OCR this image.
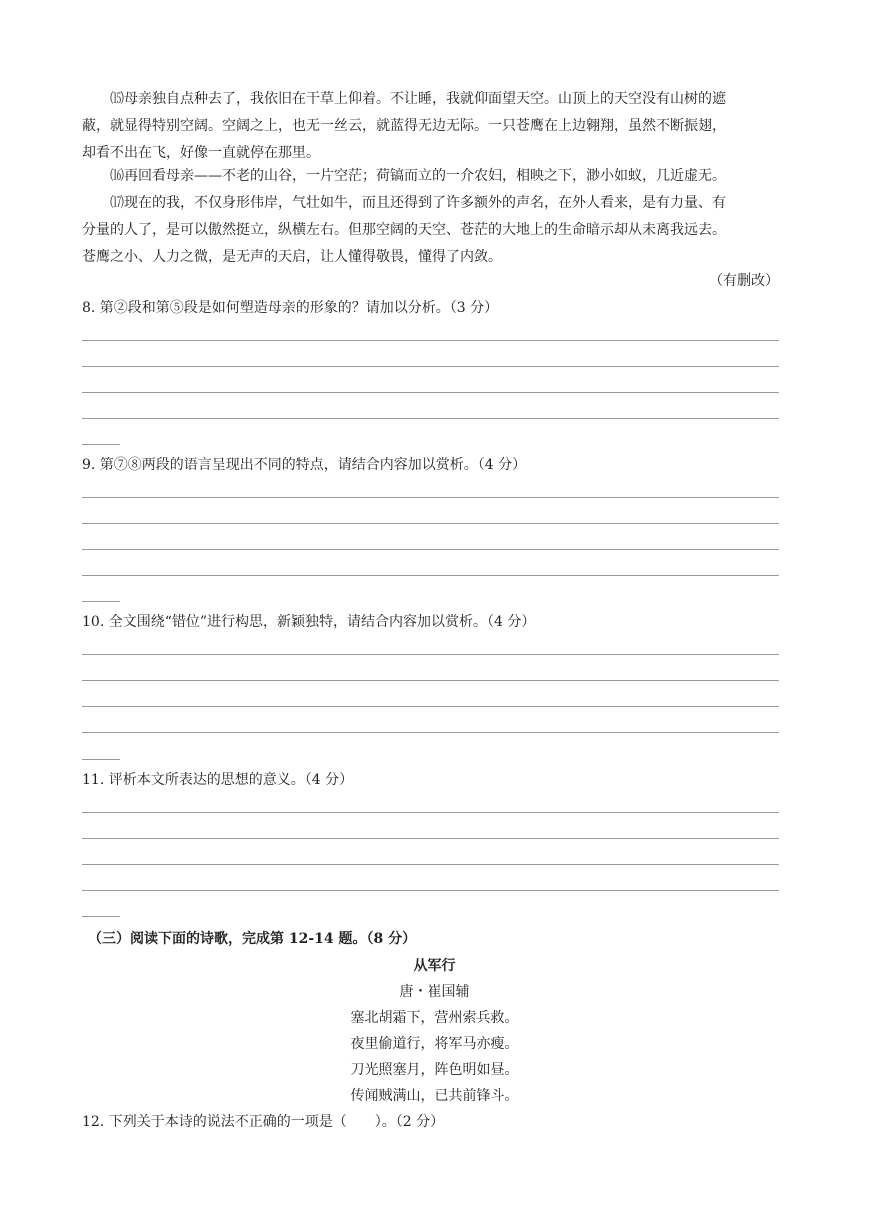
⒂母亲独自点种去了，我依旧在干草上仰着。不让睡，我就仰面望天空。山顶上的天空没有山树的遮
蔽，就显得特别空阔。空阔之上，也无一丝云，就蓝得无边无际。一只苍鹰在上边翱翔，虽然不断振翅，
却看不出在飞，好像一直就停在那里。
⒃再回看母亲——不老的山谷，一片空茫；荷镐而立的一介农妇，相映之下，渺小如蚁，几近虚无。
⒄现在的我，不仅身形伟岸，气壮如牛，而且还得到了许多额外的声名，在外人看来，是有力量、有
分量的人了，是可以傲然挺立，纵横左右。但那空阔的天空、苍茫的大地上的生命暗示却从未离我远去。
苍鹰之小、人力之微，是无声的天启，让人懂得敬畏，懂得了内敛。
（有删改）
8. 第②段和第⑤段是如何塑造母亲的形象的？请加以分析。（3 分）
9. 第⑦⑧两段的语言呈现出不同的特点，请结合内容加以赏析。（4 分）
10. 全文围绕“错位”进行构思，新颖独特，请结合内容加以赏析。（4 分）
11. 评析本文所表达的思想的意义。（4 分）
（三）阅读下面的诗歌，完成第 12-14 题。（8 分）
从军行
唐・崔国辅
塞北胡霜下，营州索兵救。
夜里偷道行，将军马亦瘦。
刀光照塞月，阵色明如昼。
传闻贼满山，已共前锋斗。
12. 下列关于本诗的说法不正确的一项是（　　）。（2 分）
